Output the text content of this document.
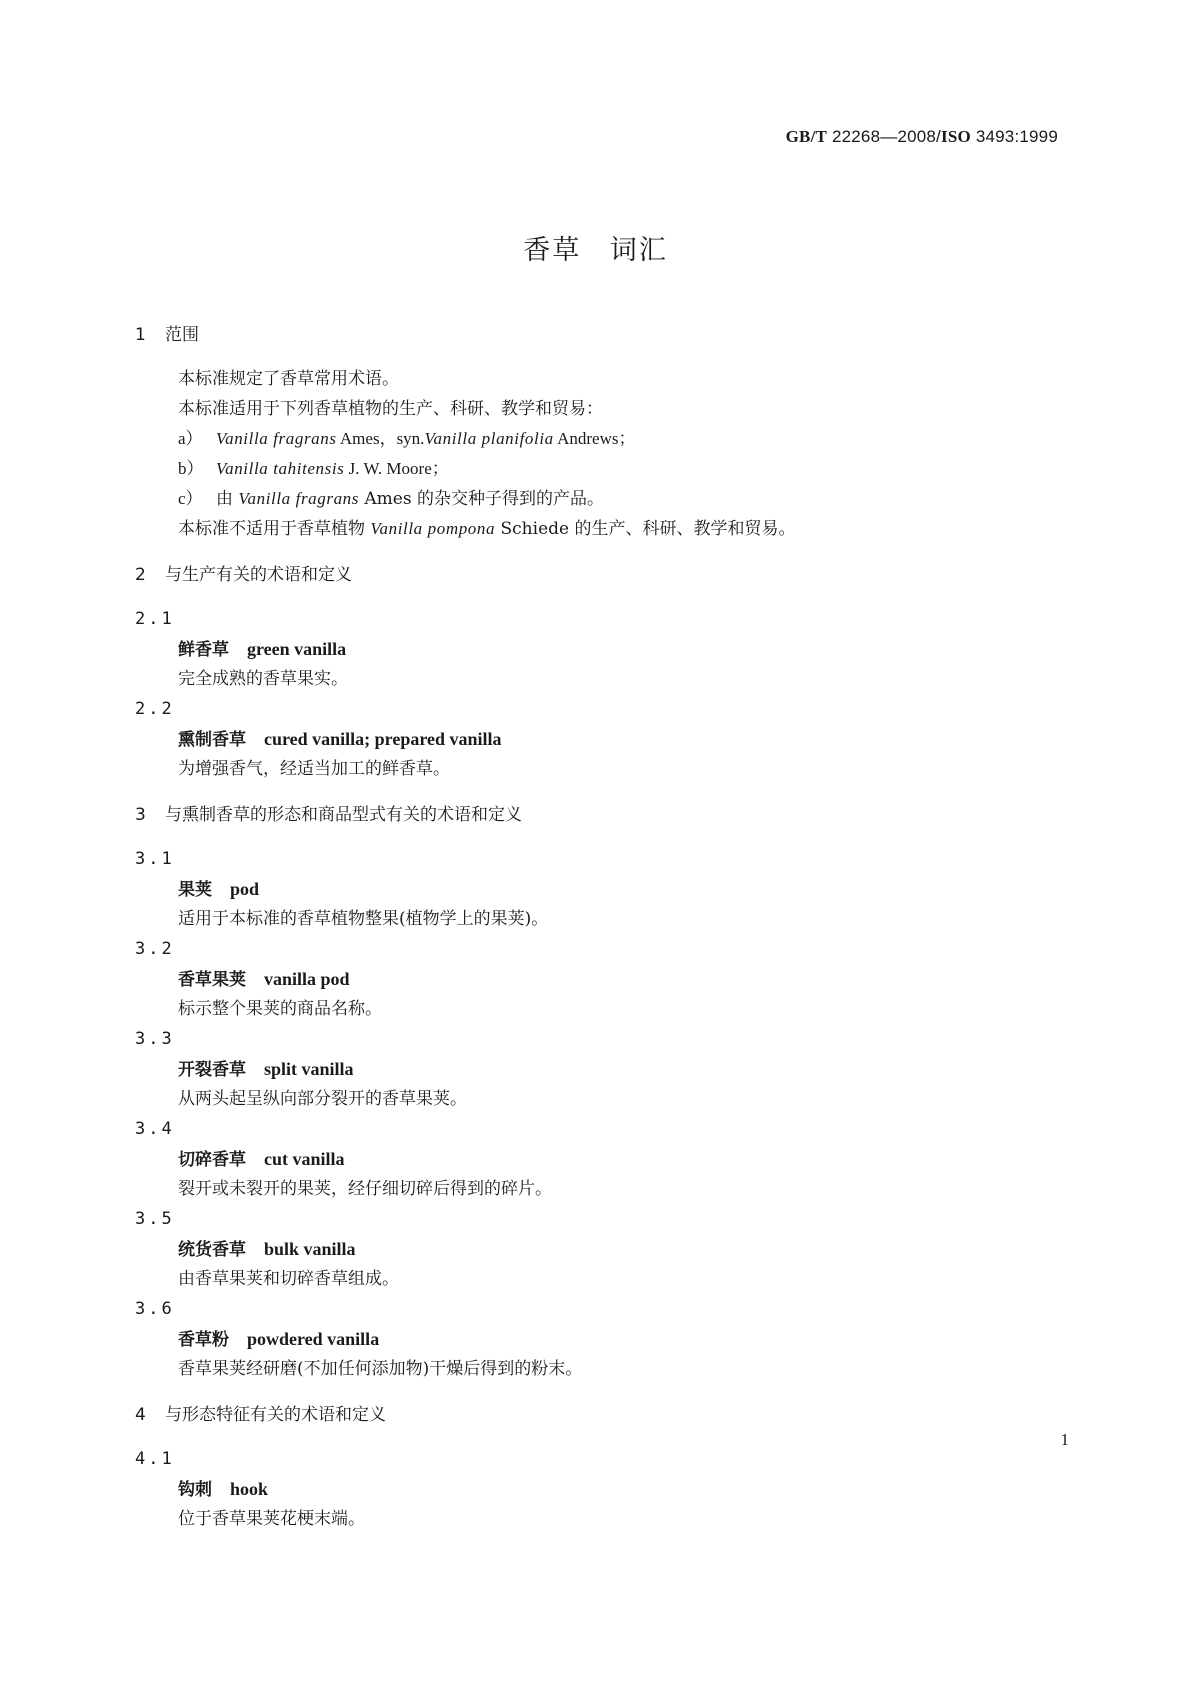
GB/T 22268—2008/ISO 3493:1999
香草 词汇
1 范围
本标准规定了香草常用术语。
本标准适用于下列香草植物的生产、科研、教学和贸易：
a） Vanilla fragrans Ames，syn.Vanilla planifolia Andrews；
b） Vanilla tahitensis J. W. Moore；
c） 由 Vanilla fragrans Ames 的杂交种子得到的产品。
本标准不适用于香草植物 Vanilla pompona Schiede 的生产、科研、教学和贸易。
2 与生产有关的术语和定义
2.1
鲜香草 green vanilla
完全成熟的香草果实。
2.2
熏制香草 cured vanilla; prepared vanilla
为增强香气，经适当加工的鲜香草。
3 与熏制香草的形态和商品型式有关的术语和定义
3.1
果荚 pod
适用于本标准的香草植物整果(植物学上的果荚)。
3.2
香草果荚 vanilla pod
标示整个果荚的商品名称。
3.3
开裂香草 split vanilla
从两头起呈纵向部分裂开的香草果荚。
3.4
切碎香草 cut vanilla
裂开或未裂开的果荚，经仔细切碎后得到的碎片。
3.5
统货香草 bulk vanilla
由香草果荚和切碎香草组成。
3.6
香草粉 powdered vanilla
香草果荚经研磨(不加任何添加物)干燥后得到的粉末。
4 与形态特征有关的术语和定义
4.1
钩刺 hook
位于香草果荚花梗末端。
1
